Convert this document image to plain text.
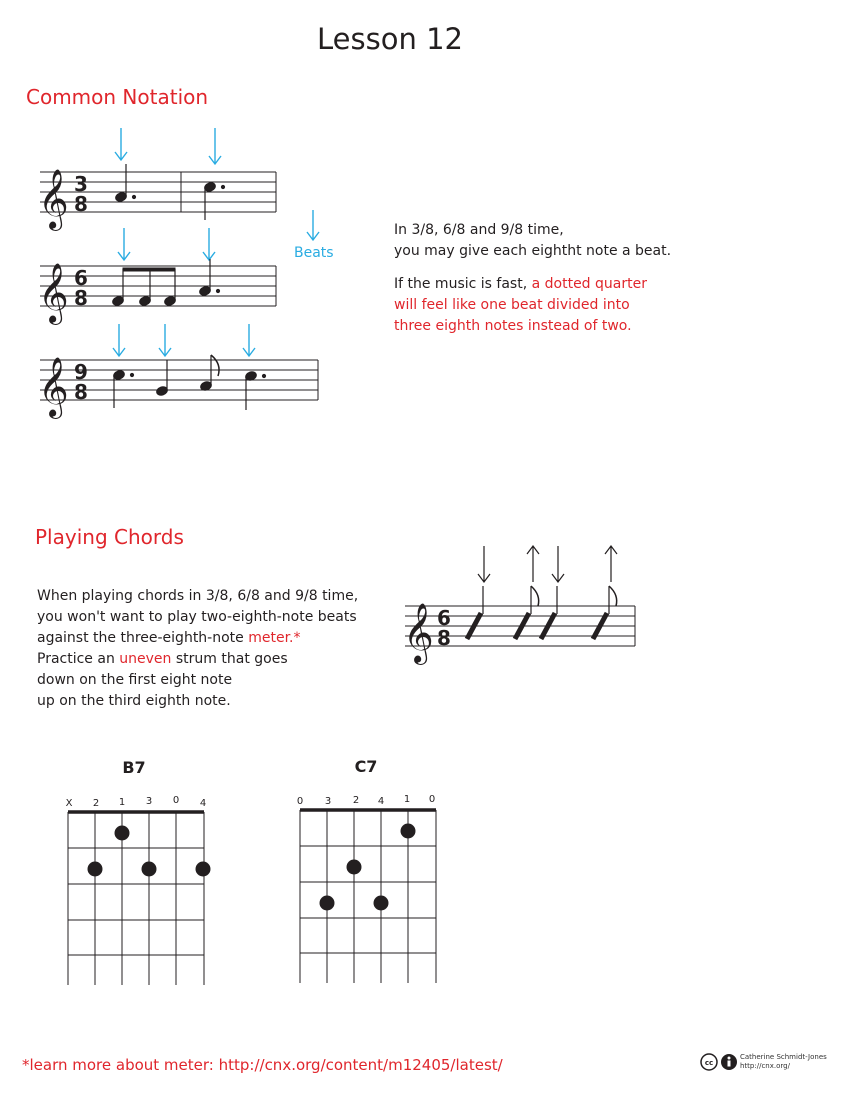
Lesson 12
Common Notation
𝄞 3
8
Beats
𝄞 6
8
𝄞 9
8
In 3/8, 6/8 and 9/8 time,
you may give each eightht note a beat.
If the music is fast, a dotted quarter
will feel like one beat divided into
three eighth notes instead of two.
Playing Chords
When playing chords in 3/8, 6/8 and 9/8 time,
you won't want to play two-eighth-note beats
against the three-eighth-note meter.*
Practice an uneven strum that goes
down on the first eight note
up on the third eighth note.
𝄞 6
8
B7
X 2 1 3 0 4
C7
0 3 2 4 1 0
*learn more about meter: http://cnx.org/content/m12405/latest/	cc
Catherine Schmidt-Jones
http://cnx.org/
